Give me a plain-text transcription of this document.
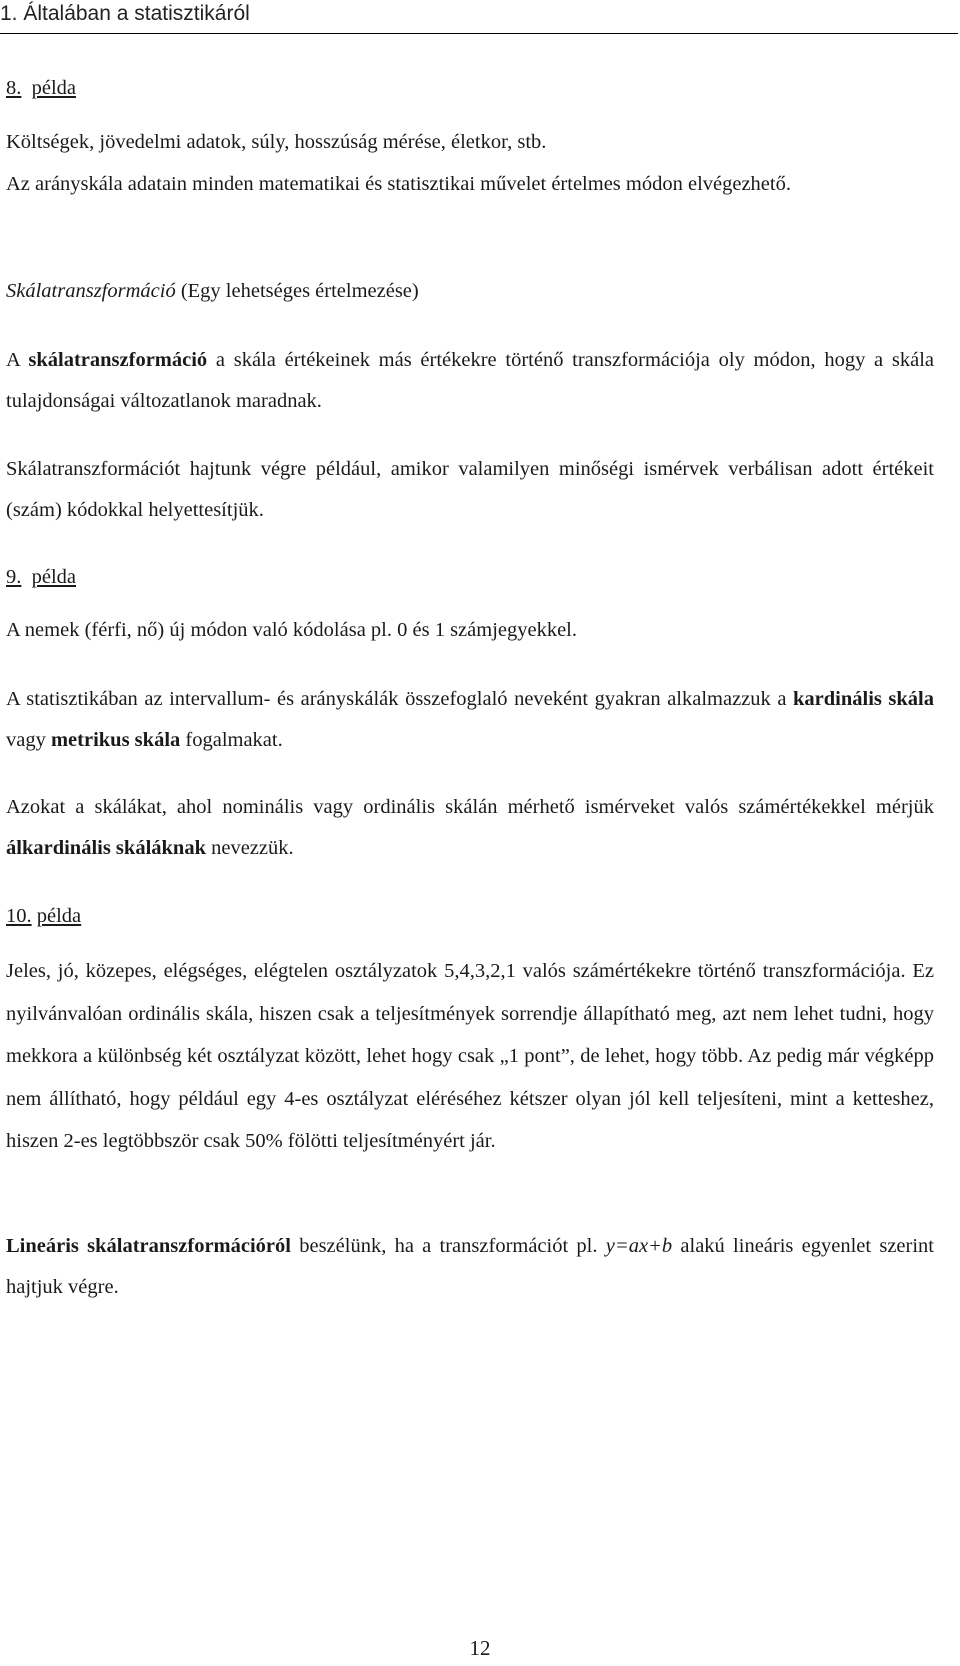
1. Általában a statisztikáról

8. példa

Költségek, jövedelmi adatok, súly, hosszúság mérése, életkor, stb.

Az arányskála adatain minden matematikai és statisztikai művelet értelmes módon elvégezhető.

Skálatranszformáció (Egy lehetséges értelmezése)

A skálatranszformáció a skála értékeinek más értékekre történő transzformációja oly módon, hogy a skála tulajdonságai változatlanok maradnak.

Skálatranszformációt hajtunk végre például, amikor valamilyen minőségi ismérvek verbálisan adott értékeit (szám) kódokkal helyettesítjük.

9. példa

A nemek (férfi, nő) új módon való kódolása pl. 0 és 1 számjegyekkel.

A statisztikában az intervallum- és arányskálák összefoglaló neveként gyakran alkalmazzuk a kardinális skála vagy metrikus skála fogalmakat.

Azokat a skálákat, ahol nominális vagy ordinális skálán mérhető ismérveket valós számértékekkel mérjük álkardinális skáláknak nevezzük.

10. példa

Jeles, jó, közepes, elégséges, elégtelen osztályzatok 5,4,3,2,1 valós számértékekre történő transzformációja. Ez nyilvánvalóan ordinális skála, hiszen csak a teljesítmények sorrendje állapítható meg, azt nem lehet tudni, hogy mekkora a különbség két osztályzat között, lehet hogy csak „1 pont”, de lehet, hogy több. Az pedig már végképp nem állítható, hogy például egy 4-es osztályzat eléréséhez kétszer olyan jól kell teljesíteni, mint a ketteshez, hiszen 2-es legtöbbször csak 50% fölötti teljesítményért jár.

Lineáris skálatranszformációról beszélünk, ha a transzformációt pl. y=ax+b alakú lineáris egyenlet szerint hajtjuk végre.

12
